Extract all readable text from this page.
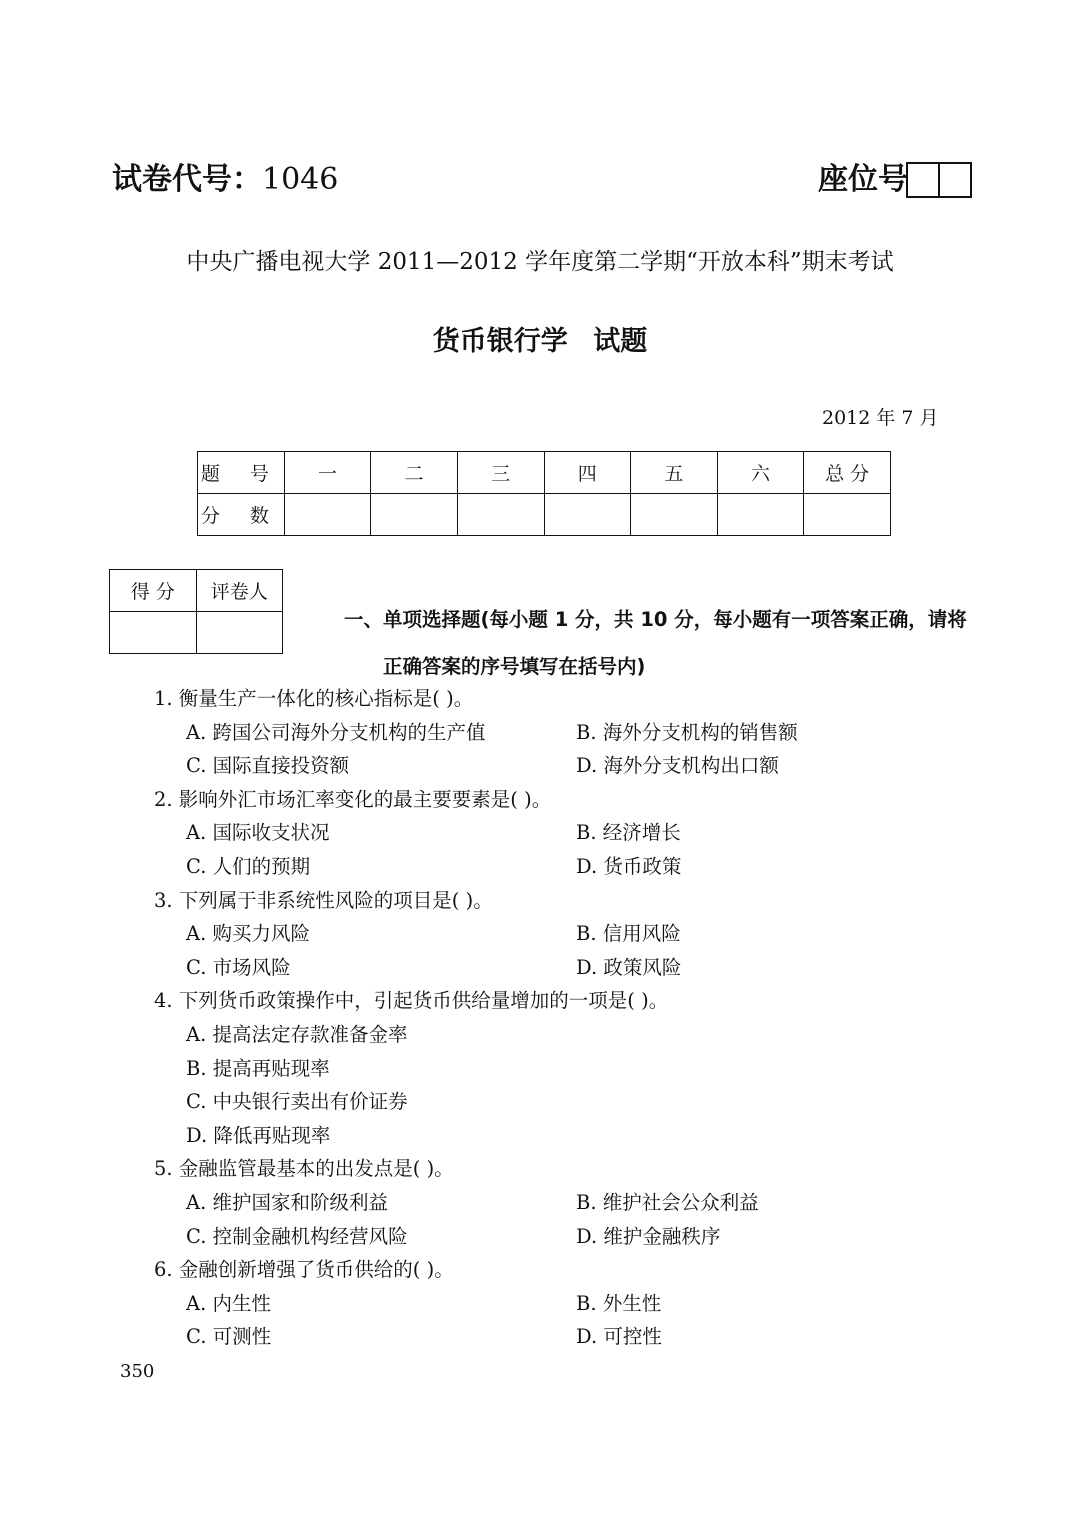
试卷代号：1046	座位号
中央广播电视大学 2011—2012 学年度第二学期“开放本科”期末考试
货币银行学 试题
2012 年 7 月
题 号	一	二	三	四	五	六	总 分
分 数							
得 分	评卷人

一、单项选择题(每小题 1 分，共 10 分，每小题有一项答案正确，请将
正确答案的序号填写在括号内)
1. 衡量生产一体化的核心指标是( )。
A. 跨国公司海外分支机构的生产值	B. 海外分支机构的销售额
C. 国际直接投资额	D. 海外分支机构出口额
2. 影响外汇市场汇率变化的最主要要素是( )。
A. 国际收支状况	B. 经济增长
C. 人们的预期	D. 货币政策
3. 下列属于非系统性风险的项目是( )。
A. 购买力风险	B. 信用风险
C. 市场风险	D. 政策风险
4. 下列货币政策操作中，引起货币供给量增加的一项是( )。
A. 提高法定存款准备金率
B. 提高再贴现率
C. 中央银行卖出有价证券
D. 降低再贴现率
5. 金融监管最基本的出发点是( )。
A. 维护国家和阶级利益	B. 维护社会公众利益
C. 控制金融机构经营风险	D. 维护金融秩序
6. 金融创新增强了货币供给的( )。
A. 内生性	B. 外生性
C. 可测性	D. 可控性
350
